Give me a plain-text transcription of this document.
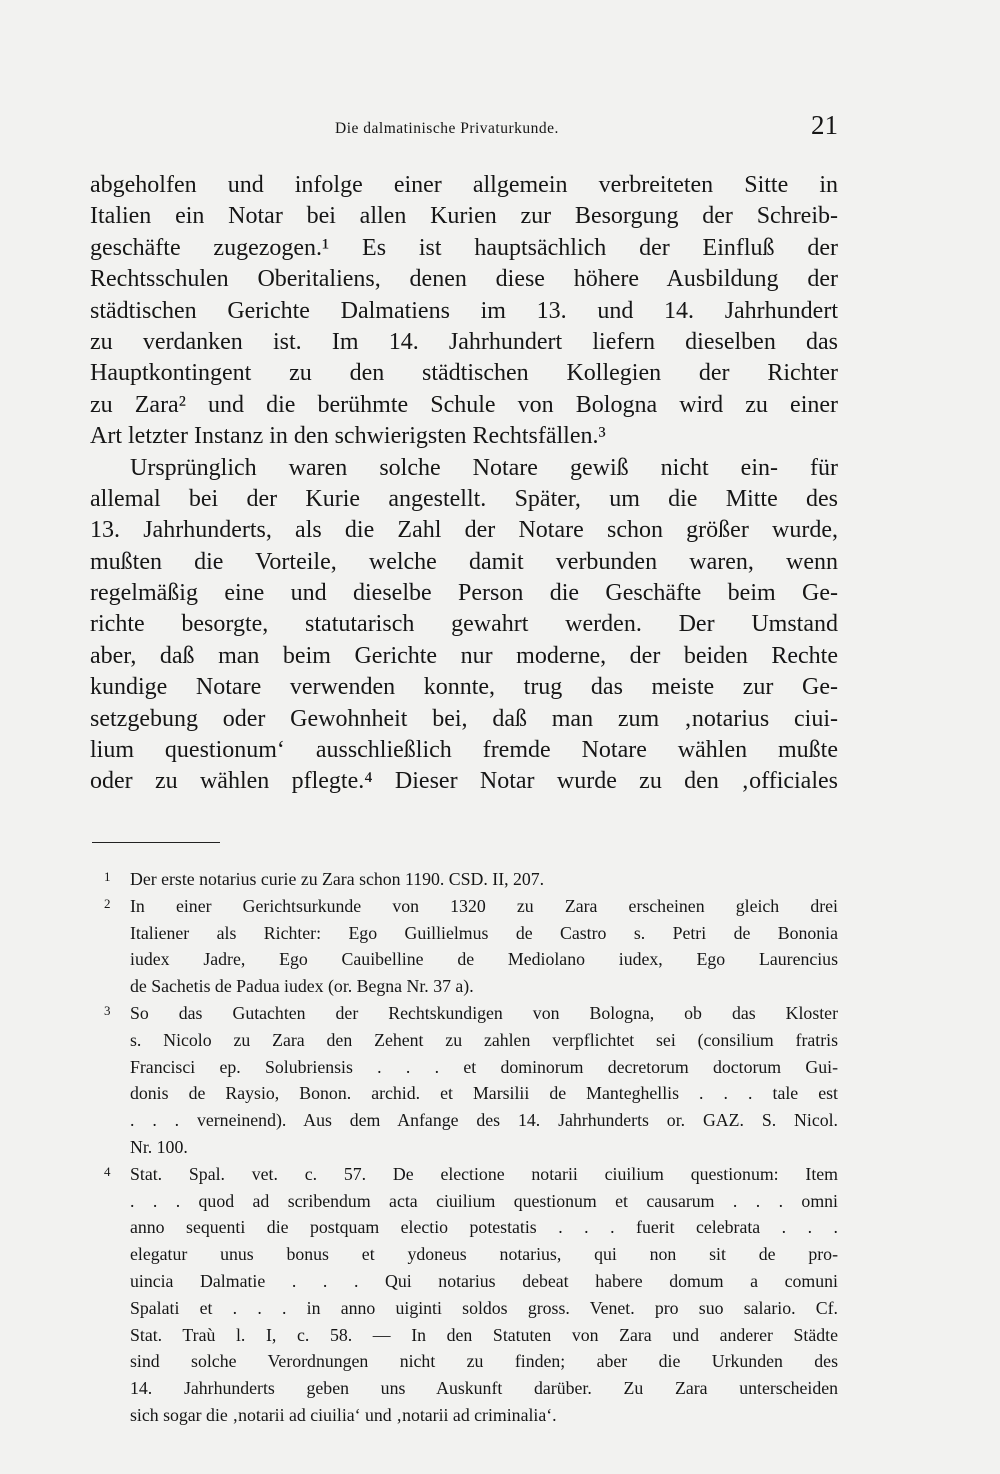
Die dalmatinische Privaturkunde.	21
abgeholfen und infolge einer allgemein verbreiteten Sitte in
Italien ein Notar bei allen Kurien zur Besorgung der Schreib-
geschäfte zugezogen.¹ Es ist hauptsächlich der Einfluß der
Rechtsschulen Oberitaliens, denen diese höhere Ausbildung der
städtischen Gerichte Dalmatiens im 13. und 14. Jahrhundert
zu verdanken ist. Im 14. Jahrhundert liefern dieselben das
Hauptkontingent zu den städtischen Kollegien der Richter
zu Zara² und die berühmte Schule von Bologna wird zu einer
Art letzter Instanz in den schwierigsten Rechtsfällen.³
Ursprünglich waren solche Notare gewiß nicht ein- für
allemal bei der Kurie angestellt. Später, um die Mitte des
13. Jahrhunderts, als die Zahl der Notare schon größer wurde,
mußten die Vorteile, welche damit verbunden waren, wenn
regelmäßig eine und dieselbe Person die Geschäfte beim Ge-
richte besorgte, statutarisch gewahrt werden. Der Umstand
aber, daß man beim Gerichte nur moderne, der beiden Rechte
kundige Notare verwenden konnte, trug das meiste zur Ge-
setzgebung oder Gewohnheit bei, daß man zum ‚notarius ciui-
lium questionum‘ ausschließlich fremde Notare wählen mußte
oder zu wählen pflegte.⁴ Dieser Notar wurde zu den ‚officiales
1	Der erste notarius curie zu Zara schon 1190. CSD. II, 207.
2	In einer Gerichtsurkunde von 1320 zu Zara erscheinen gleich drei
Italiener als Richter: Ego Guillielmus de Castro s. Petri de Bononia
iudex Jadre, Ego Cauibelline de Mediolano iudex, Ego Laurencius
de Sachetis de Padua iudex (or. Begna Nr. 37 a).
3	So das Gutachten der Rechtskundigen von Bologna, ob das Kloster
s. Nicolo zu Zara den Zehent zu zahlen verpflichtet sei (consilium fratris
Francisci ep. Solubriensis . . . et dominorum decretorum doctorum Gui-
donis de Raysio, Bonon. archid. et Marsilii de Manteghellis . . . tale est
. . . verneinend). Aus dem Anfange des 14. Jahrhunderts or. GAZ. S. Nicol.
Nr. 100.
4	Stat. Spal. vet. c. 57. De electione notarii ciuilium questionum: Item
. . . quod ad scribendum acta ciuilium questionum et causarum . . . omni
anno sequenti die postquam electio potestatis . . . fuerit celebrata . . .
elegatur unus bonus et ydoneus notarius, qui non sit de pro-
uincia Dalmatie . . . Qui notarius debeat habere domum a comuni
Spalati et . . . in anno uiginti soldos gross. Venet. pro suo salario. Cf.
Stat. Traù l. I, c. 58. — In den Statuten von Zara und anderer Städte
sind solche Verordnungen nicht zu finden; aber die Urkunden des
14. Jahrhunderts geben uns Auskunft darüber. Zu Zara unterscheiden
sich sogar die ‚notarii ad ciuilia‘ und ‚notarii ad criminalia‘.
